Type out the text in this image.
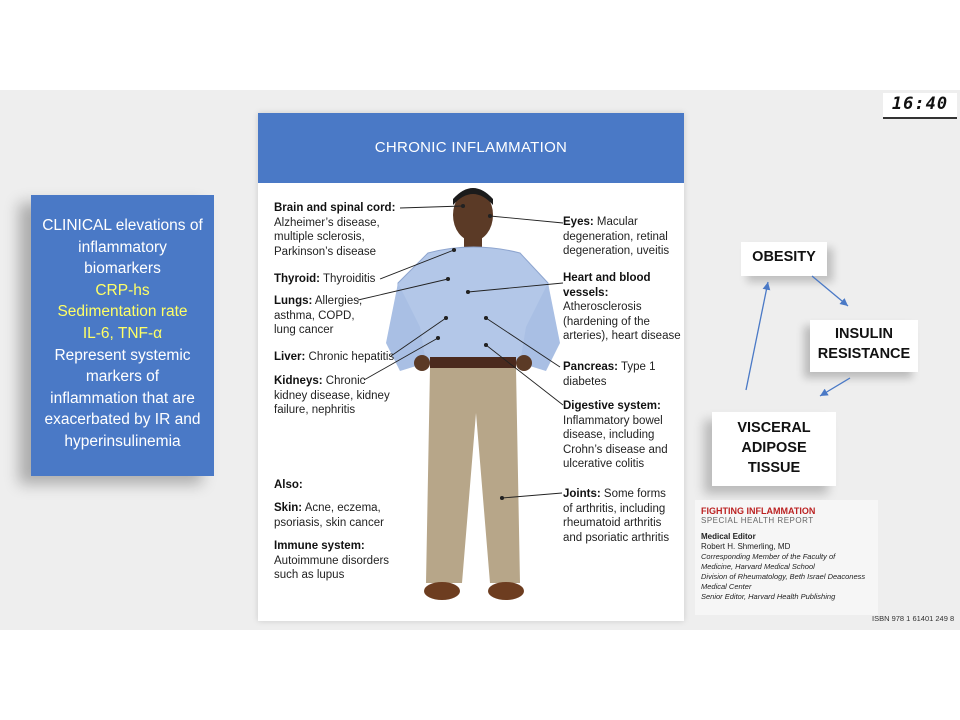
16:40
CLINICAL elevations of
inflammatory
biomarkers
CRP-hs
Sedimentation rate
IL-6, TNF-α
Represent systemic
markers of
inflammation that are
exacerbated by IR and
hyperinsulinemia
CHRONIC INFLAMMATION
Brain and spinal cord:
Alzheimer’s disease,
multiple sclerosis,
Parkinson’s disease
Thyroid: Thyroiditis
Lungs: Allergies,
asthma, COPD,
lung cancer
Liver: Chronic hepatitis
Kidneys: Chronic
kidney disease, kidney
failure, nephritis
Also:
Skin: Acne, eczema,
psoriasis, skin cancer
Immune system:
Autoimmune disorders
such as lupus
Eyes: Macular
degeneration, retinal
degeneration, uveitis
Heart and blood
vessels:
Atherosclerosis
(hardening of the
arteries), heart disease
Pancreas: Type 1
diabetes
Digestive system:
Inflammatory bowel
disease, including
Crohn’s disease and
ulcerative colitis
Joints: Some forms
of arthritis, including
rheumatoid arthritis
and psoriatic arthritis
OBESITY
INSULIN
RESISTANCE
VISCERAL
ADIPOSE
TISSUE
FIGHTING INFLAMMATION
SPECIAL HEALTH REPORT
Medical Editor
Robert H. Shmerling, MD
Corresponding Member of the Faculty of
Medicine, Harvard Medical School
Division of Rheumatology, Beth Israel Deaconess
Medical Center
Senior Editor, Harvard Health Publishing
ISBN 978 1 61401 249 8
